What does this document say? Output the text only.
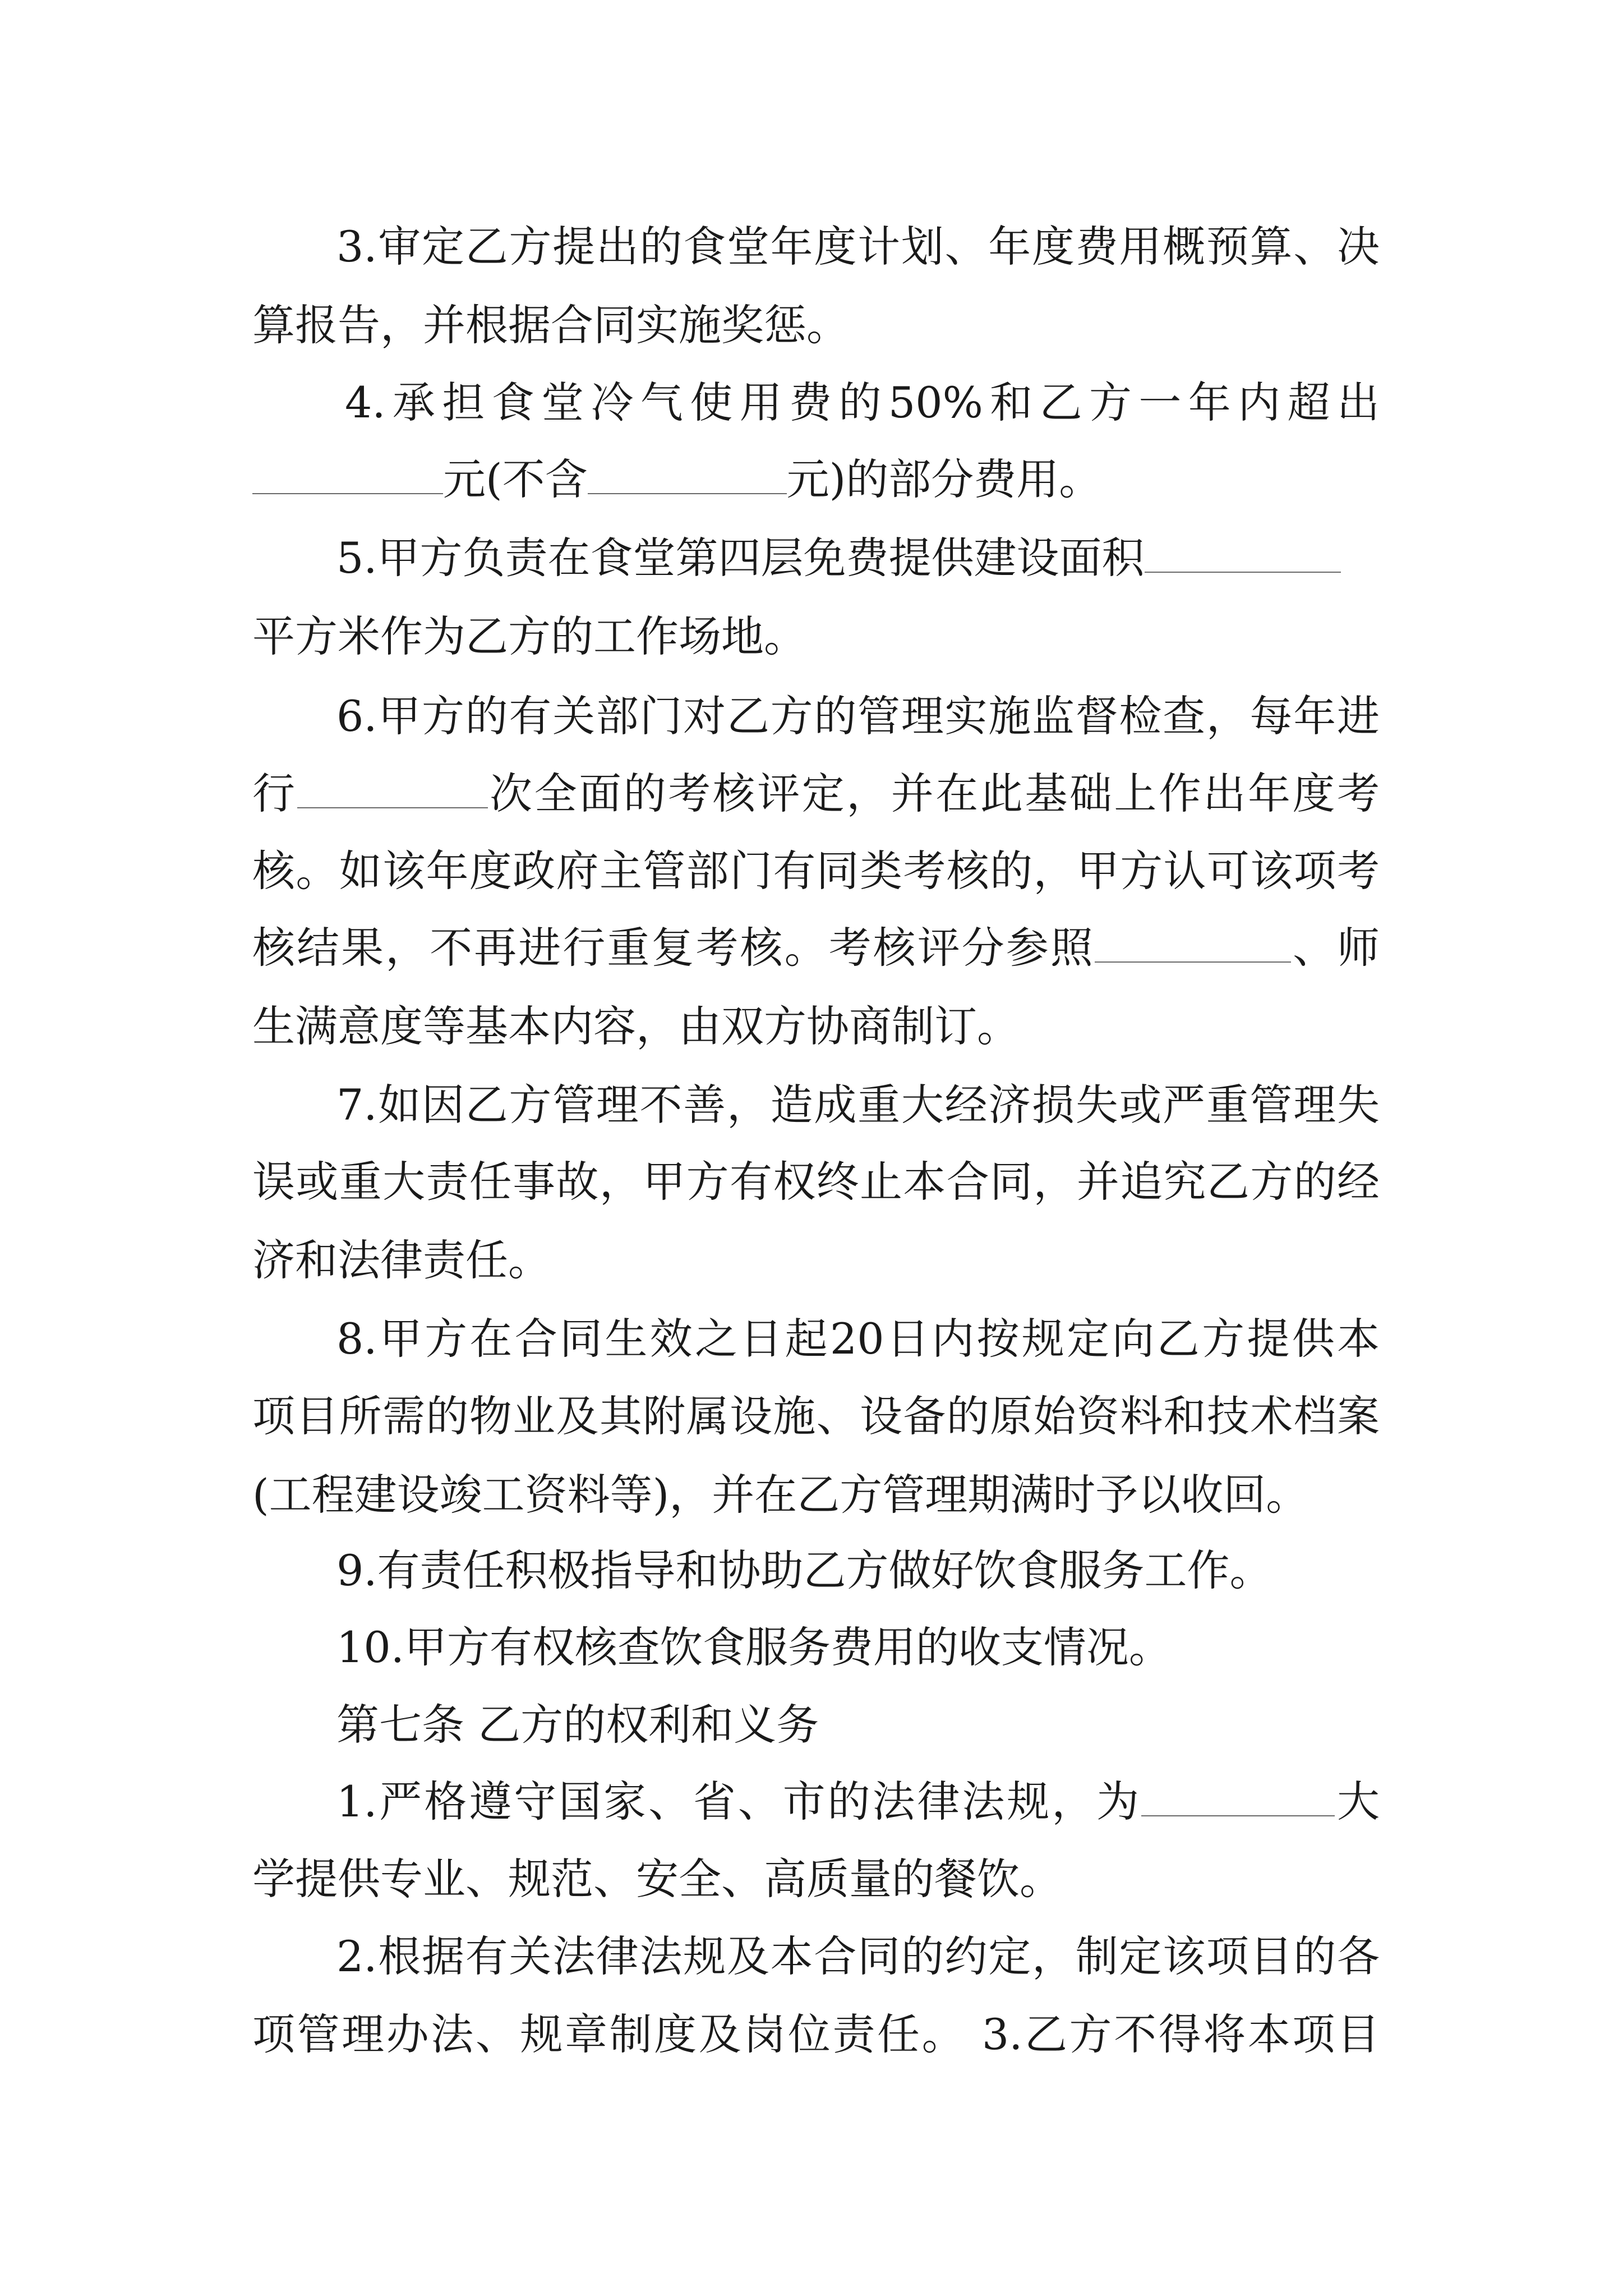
3.审定乙方提出的食堂年度计划、年度费用概预算、决
算报告，并根据合同实施奖惩。
4.承担食堂冷气使用费的50%和乙方一年内超出
元(不含	元)的部分费用。
5.甲方负责在食堂第四层免费提供建设面积
平方米作为乙方的工作场地。
6.甲方的有关部门对乙方的管理实施监督检查，每年进
行	次全面的考核评定，并在此基础上作出年度考
核。如该年度政府主管部门有同类考核的，甲方认可该项考
核结果，不再进行重复考核。考核评分参照	、师
生满意度等基本内容，由双方协商制订。
7.如因乙方管理不善，造成重大经济损失或严重管理失
误或重大责任事故，甲方有权终止本合同，并追究乙方的经
济和法律责任。
8.甲方在合同生效之日起20日内按规定向乙方提供本
项目所需的物业及其附属设施、设备的原始资料和技术档案
(工程建设竣工资料等)，并在乙方管理期满时予以收回。
9.有责任积极指导和协助乙方做好饮食服务工作。
10.甲方有权核查饮食服务费用的收支情况。
第七条 乙方的权利和义务
1.严格遵守国家、省、市的法律法规，为	大
学提供专业、规范、安全、高质量的餐饮。
2.根据有关法律法规及本合同的约定，制定该项目的各
项管理办法、规章制度及岗位责任。 3.乙方不得将本项目
